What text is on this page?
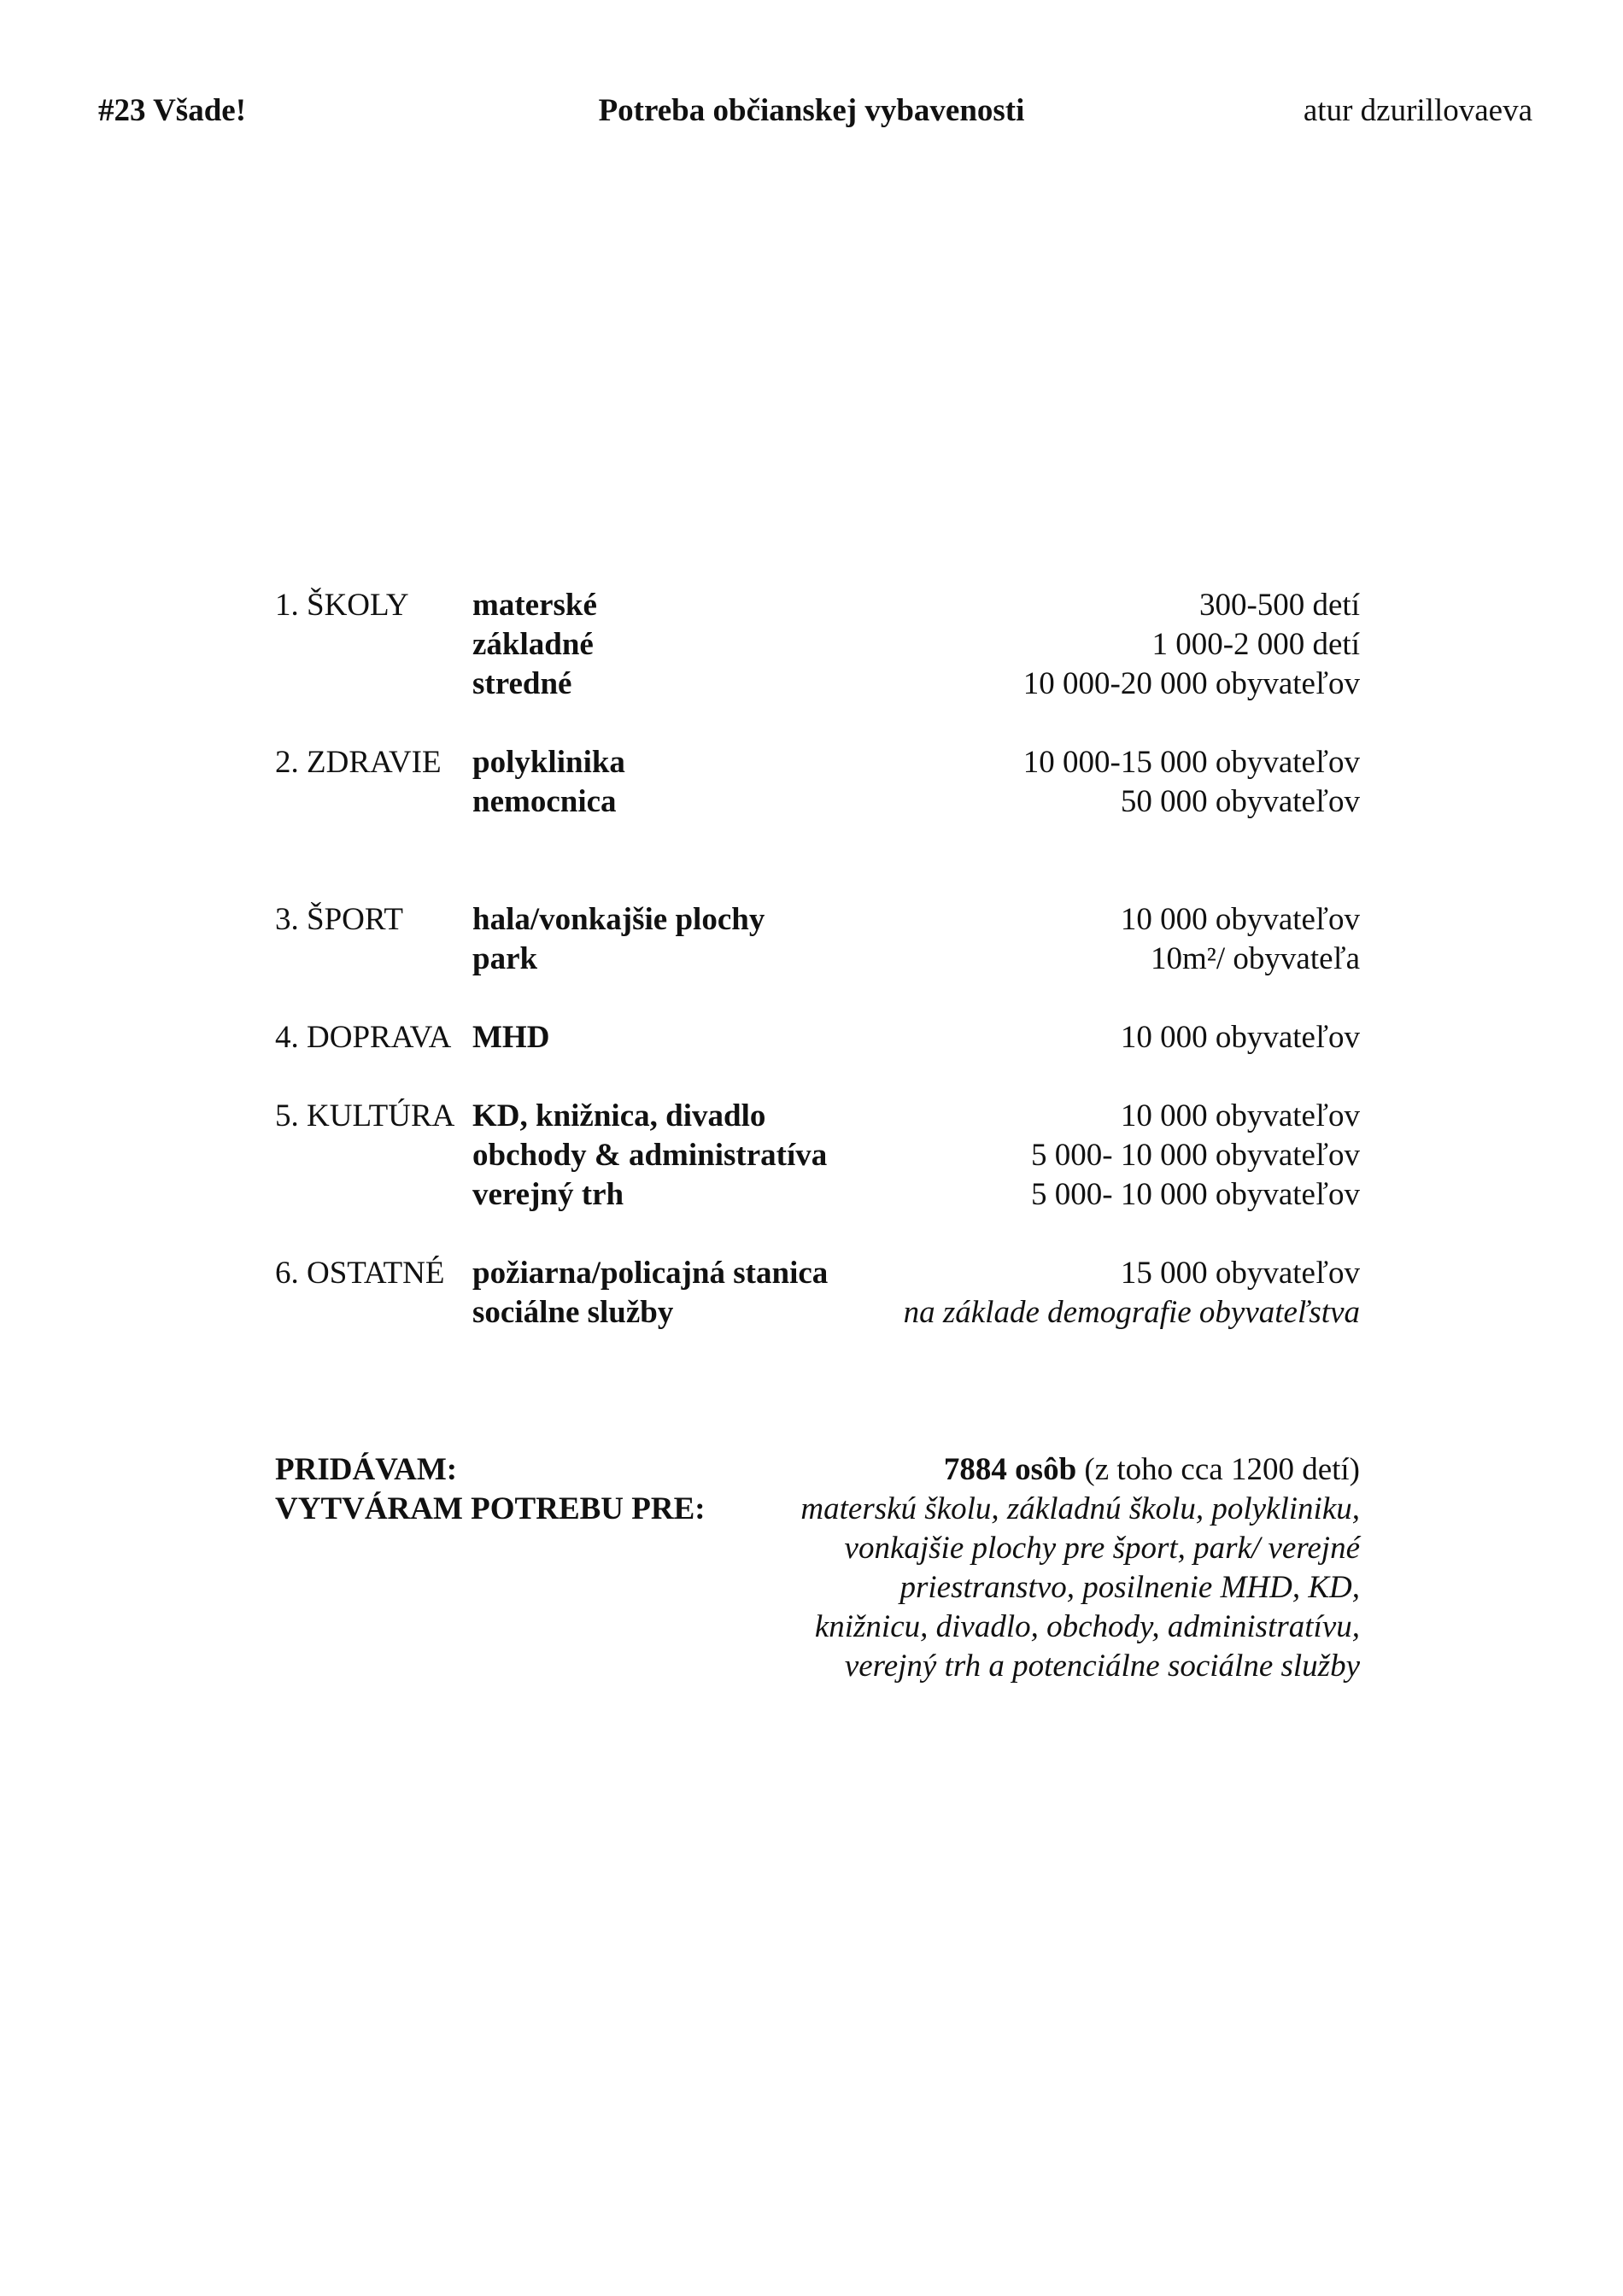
#23 Všade!	Potreba občianskej vybavenosti	atur dzurillovaeva
1. ŠKOLY materské	300-500 detí
základné	1 000-2 000 detí
stredné	10 000-20 000 obyvateľov
2. ZDRAVIE polyklinika	10 000-15 000 obyvateľov
nemocnica	50 000 obyvateľov
3. ŠPORT hala/vonkajšie plochy	10 000 obyvateľov
park	10m²/ obyvateľa
4. DOPRAVA MHD	10 000 obyvateľov
5. KULTÚRA KD, knižnica, divadlo	10 000 obyvateľov
obchody & administratíva	5 000- 10 000 obyvateľov
verejný trh	5 000- 10 000 obyvateľov
6. OSTATNÉ požiarna/policajná stanica	15 000 obyvateľov
sociálne služby	na základe demografie obyvateľstva
PRIDÁVAM:	7884 osôb (z toho cca 1200 detí)
VYTVÁRAM POTREBU PRE:	materskú školu, základnú školu, polykliniku,
vonkajšie plochy pre šport, park/ verejné
priestranstvo, posilnenie MHD, KD,
knižnicu, divadlo, obchody, administratívu,
verejný trh a potenciálne sociálne služby
